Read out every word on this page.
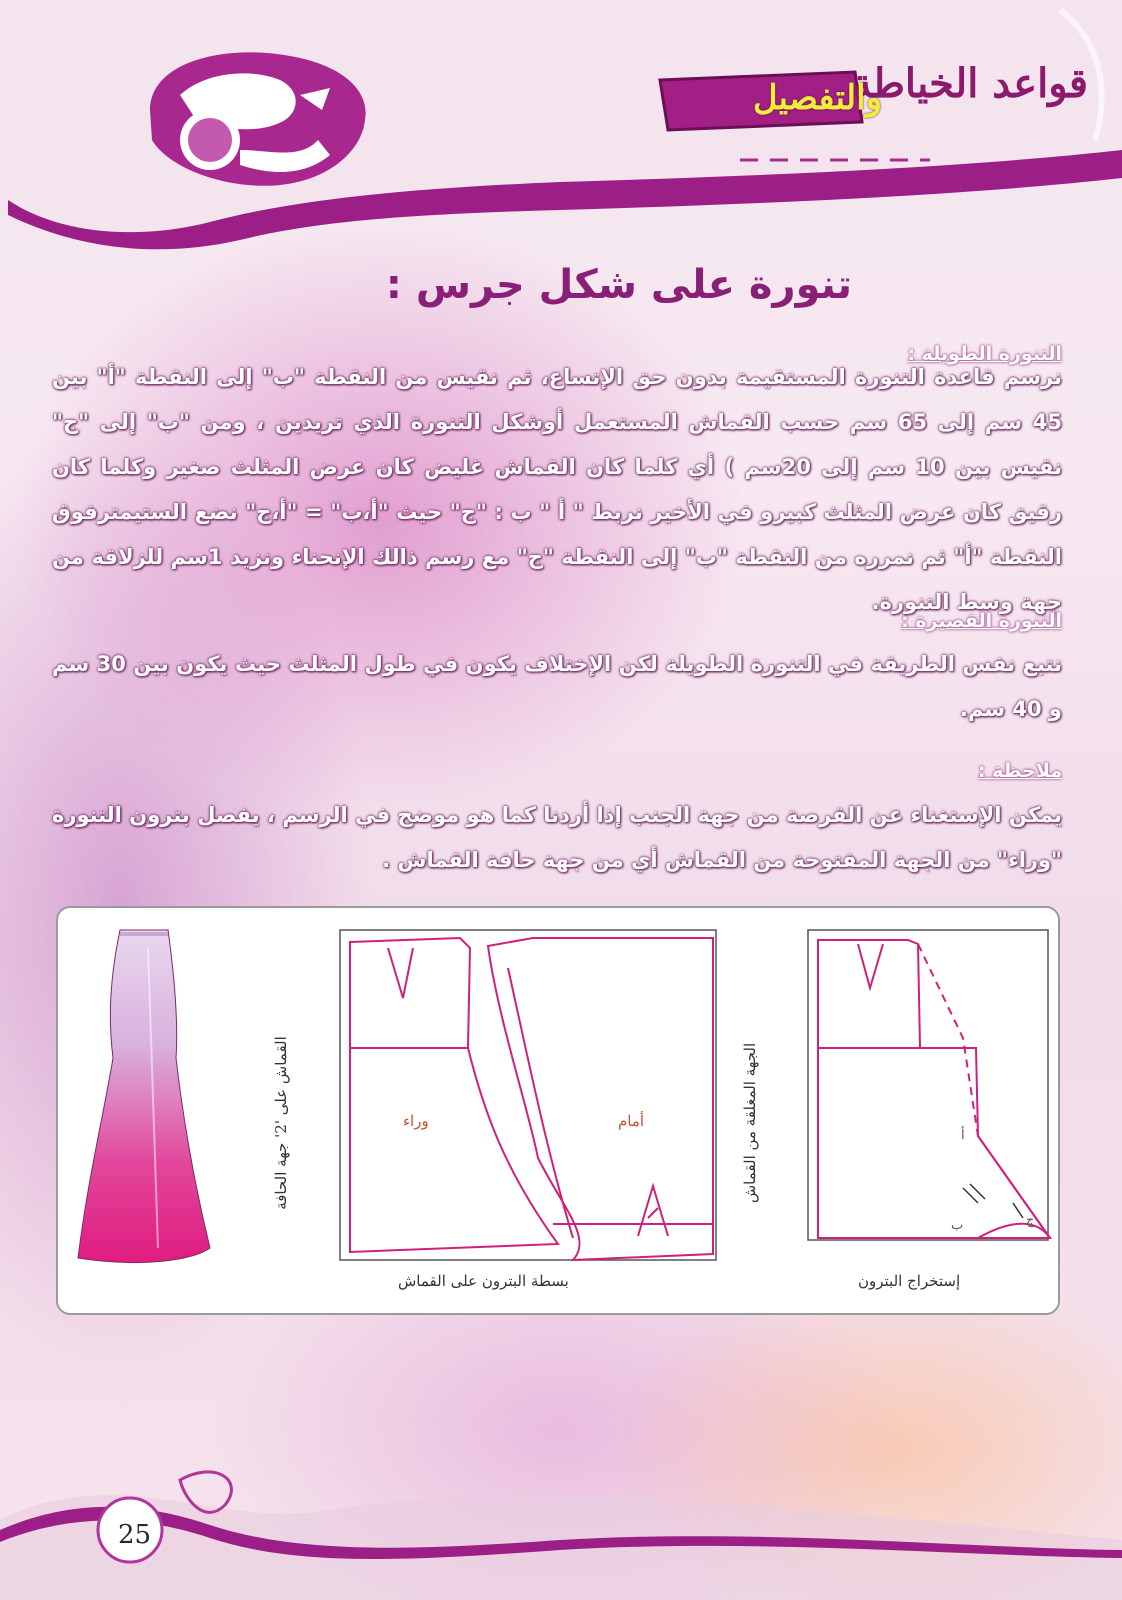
قواعد الخياطة
والتفصيل
تنورة على شكل جرس :
التنورة الطويلة :
نرسم قاعدة التنورة المستقيمة بدون حق الإتساع، ثم نقيس من النقطة "ب" إلى النقطة "أ" بين 45 سم إلى 65 سم حسب القماش المستعمل أوشكل التنورة الذي تريدين ، ومن "ب" إلى "ج" نقيس بين 10 سم إلى 20سم ) أي كلما كان القماش غليض كان عرض المثلث صغير وكلما كان رقيق كان عرض المثلث كبيرو في الأخير نربط " أ " ب : "ج" حيث "أ،ب" = "أ،ج" نضع الستيمترفوق النقطة "أ" ثم نمرره من النقطة "ب" إلى النقطة "ج" مع رسم ذالك الإنحناء ونزيد 1سم للزلاقة من جهة وسط التنورة.
التنورة القصيرة :
نتبع نفس الطريقة في التنورة الطويلة لكن الإختلاف يكون في طول المثلث حيث يكون بين 30 سم و 40 سم.
ملاحظة :
يمكن الإستغناء عن القرصة من جهة الجنب إذا أردنا كما هو موضح في الرسم ، يفصل بترون التنورة "وراء" من الجهة المفتوحة من القماش أي من جهة حافة القماش .
القماش على '2' جهة الحافة	الجهة المغلقة من القماش
وراء	أمام
أ
ب	ج
بسطة البترون على القماش	إستخراج البترون
25
